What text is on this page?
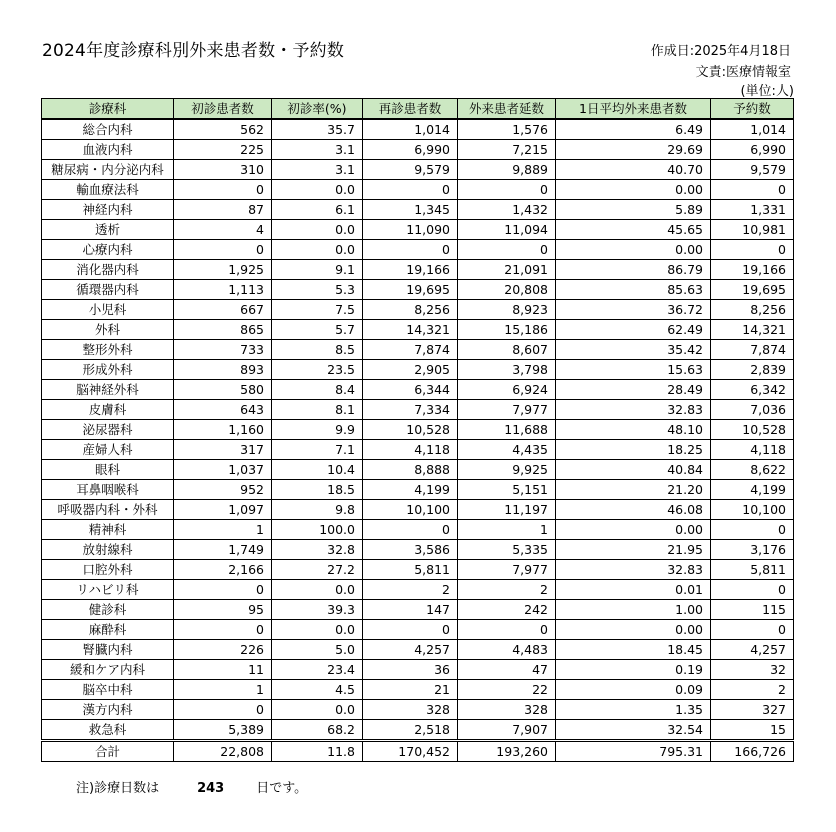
2024年度診療科別外来患者数・予約数	作成日:2025年4月18日
文責:医療情報室
(単位:人)
診療科	初診患者数	初診率(%)	再診患者数	外来患者延数	1日平均外来患者数	予約数
総合内科	562	35.7	1,014	1,576	6.49	1,014
血液内科	225	3.1	6,990	7,215	29.69	6,990
糖尿病・内分泌内科	310	3.1	9,579	9,889	40.70	9,579
輸血療法科	0	0.0	0	0	0.00	0
神経内科	87	6.1	1,345	1,432	5.89	1,331
透析	4	0.0	11,090	11,094	45.65	10,981
心療内科	0	0.0	0	0	0.00	0
消化器内科	1,925	9.1	19,166	21,091	86.79	19,166
循環器内科	1,113	5.3	19,695	20,808	85.63	19,695
小児科	667	7.5	8,256	8,923	36.72	8,256
外科	865	5.7	14,321	15,186	62.49	14,321
整形外科	733	8.5	7,874	8,607	35.42	7,874
形成外科	893	23.5	2,905	3,798	15.63	2,839
脳神経外科	580	8.4	6,344	6,924	28.49	6,342
皮膚科	643	8.1	7,334	7,977	32.83	7,036
泌尿器科	1,160	9.9	10,528	11,688	48.10	10,528
産婦人科	317	7.1	4,118	4,435	18.25	4,118
眼科	1,037	10.4	8,888	9,925	40.84	8,622
耳鼻咽喉科	952	18.5	4,199	5,151	21.20	4,199
呼吸器内科・外科	1,097	9.8	10,100	11,197	46.08	10,100
精神科	1	100.0	0	1	0.00	0
放射線科	1,749	32.8	3,586	5,335	21.95	3,176
口腔外科	2,166	27.2	5,811	7,977	32.83	5,811
リハビリ科	0	0.0	2	2	0.01	0
健診科	95	39.3	147	242	1.00	115
麻酔科	0	0.0	0	0	0.00	0
腎臓内科	226	5.0	4,257	4,483	18.45	4,257
緩和ケア内科	11	23.4	36	47	0.19	32
脳卒中科	1	4.5	21	22	0.09	2
漢方内科	0	0.0	328	328	1.35	327
救急科	5,389	68.2	2,518	7,907	32.54	15
合計	22,808	11.8	170,452	193,260	795.31	166,726
注)診療日数は	243 日です。
